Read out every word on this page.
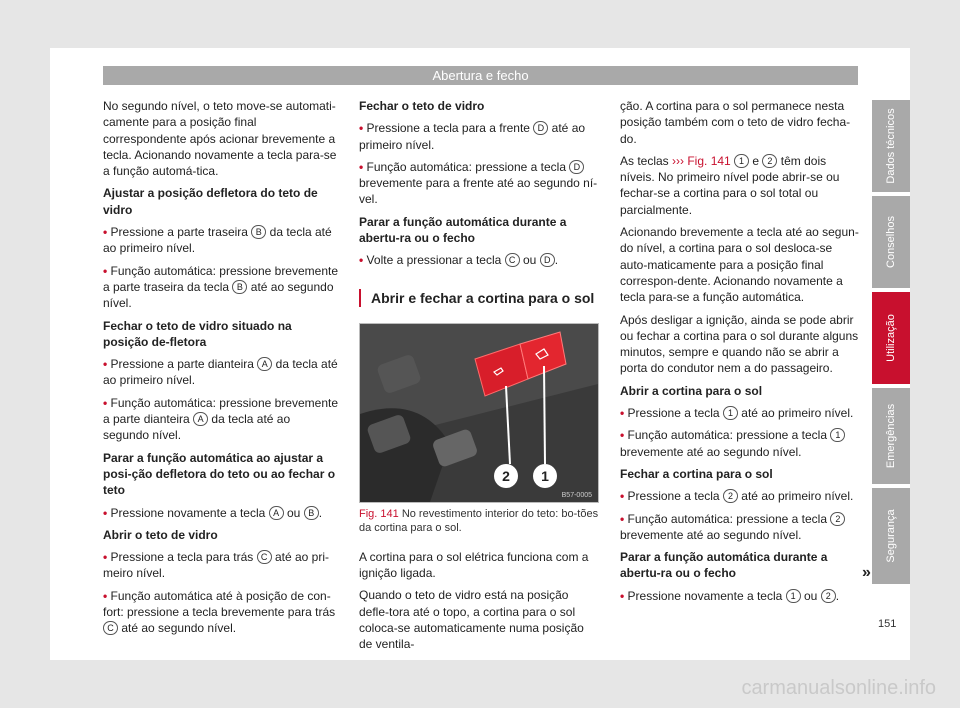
Abertura e fecho

No segundo nível, o teto move-se automati-camente para a posição final correspondente após acionar brevemente a tecla. Acionando novamente a tecla para-se a função automá-tica.

Ajustar a posição defletora do teto de vidro

• Pressione a parte traseira B da tecla até ao primeiro nível.

• Função automática: pressione brevemente a parte traseira da tecla B até ao segundo nível.

Fechar o teto de vidro situado na posição de-fletora

• Pressione a parte dianteira A da tecla até ao primeiro nível.

• Função automática: pressione brevemente a parte dianteira A da tecla até ao segundo nível.

Parar a função automática ao ajustar a posi-ção defletora do teto ou ao fechar o teto

• Pressione novamente a tecla A ou B .

Abrir o teto de vidro

• Pressione a tecla para trás C até ao pri-meiro nível.

• Função automática até à posição de con-fort: pressione a tecla brevemente para trás C até ao segundo nível.

Fechar o teto de vidro

• Pressione a tecla para a frente D até ao primeiro nível.

• Função automática: pressione a tecla D brevemente para a frente até ao segundo ní-vel.

Parar a função automática durante a abertu-ra ou o fecho

• Volte a pressionar a tecla C ou D .

Abrir e fechar a cortina para o sol
2 1
B57-0005
Fig. 141 No revestimento interior do teto: bo-tões da cortina para o sol.

A cortina para o sol elétrica funciona com a ignição ligada.

Quando o teto de vidro está na posição defle-tora até o topo, a cortina para o sol coloca-se automaticamente numa posição de ventila-

ção. A cortina para o sol permanece nesta posição também com o teto de vidro fecha-do.

As teclas ››› Fig. 141 1 e 2 têm dois níveis. No primeiro nível pode abrir-se ou fechar-se a cortina para o sol total ou parcialmente.

Acionando brevemente a tecla até ao segun-do nível, a cortina para o sol desloca-se auto-maticamente para a posição final correspon-dente. Acionando novamente a tecla para-se a função automática.

Após desligar a ignição, ainda se pode abrir ou fechar a cortina para o sol durante alguns minutos, sempre e quando não se abrir a porta do condutor nem a do passageiro.

Abrir a cortina para o sol

• Pressione a tecla 1 até ao primeiro nível.

• Função automática: pressione a tecla 1 brevemente até ao segundo nível.

Fechar a cortina para o sol

• Pressione a tecla 2 até ao primeiro nível.

• Função automática: pressione a tecla 2 brevemente até ao segundo nível.

Parar a função automática durante a abertu-ra ou o fecho

• Pressione novamente a tecla 1 ou 2 .

Dados técnicos
Conselhos
Utilização
Emergências
Segurança
»
151
carmanualsonline.info
